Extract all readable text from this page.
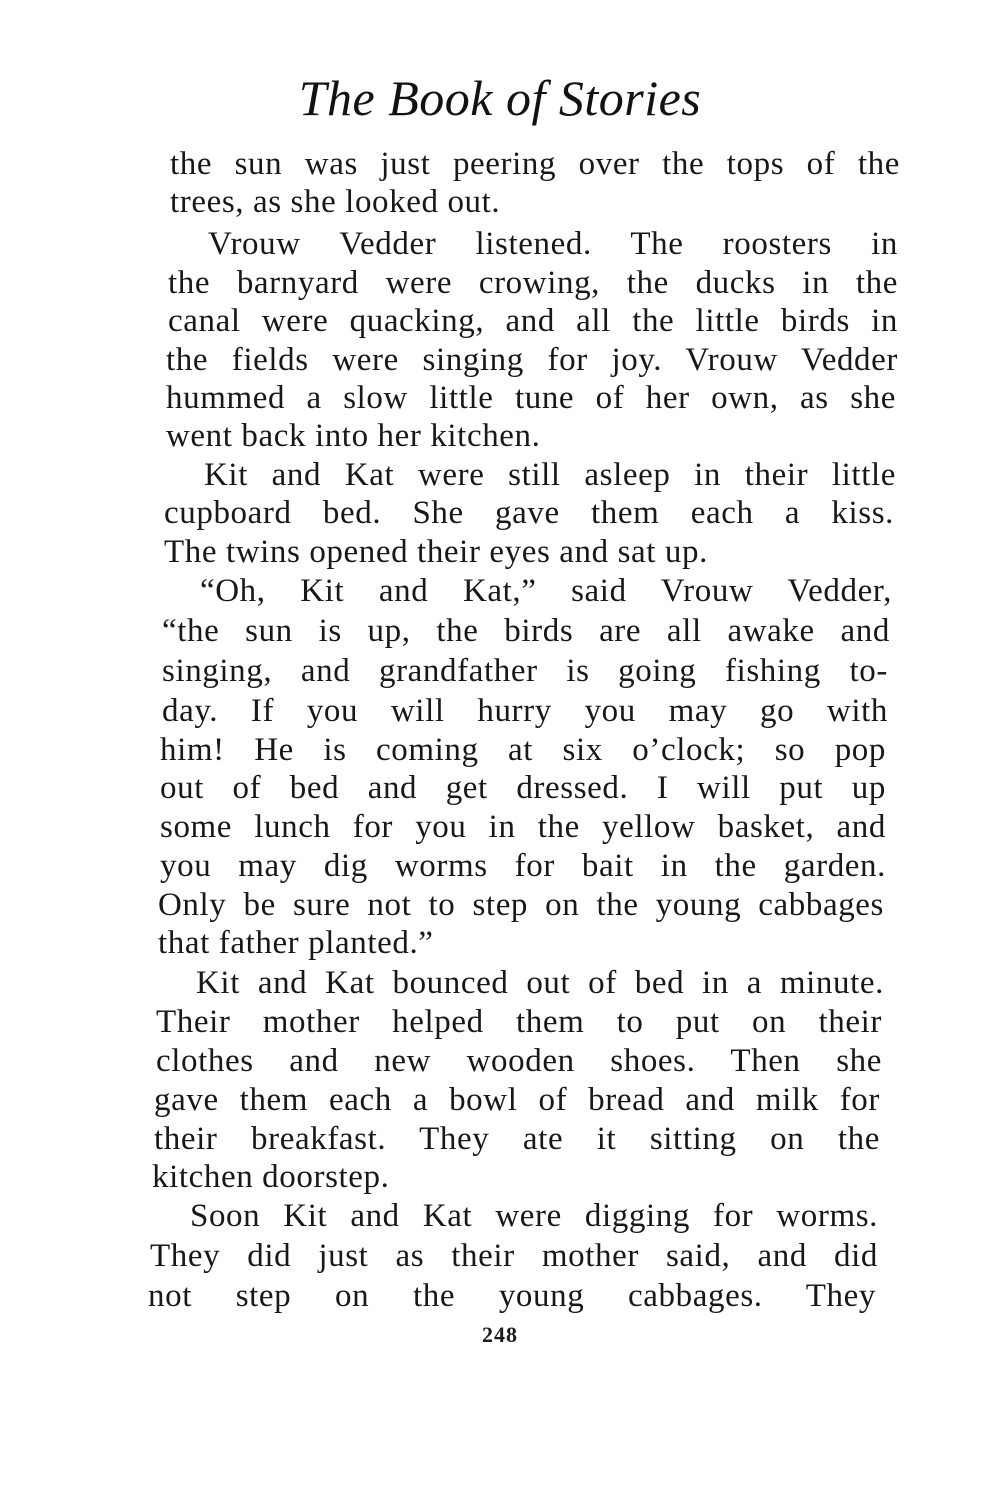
The Book of Stories
the sun was just peering over the tops of the
trees, as she looked out.
Vrouw Vedder listened. The roosters in
the barnyard were crowing, the ducks in the
canal were quacking, and all the little birds in
the fields were singing for joy. Vrouw Vedder
hummed a slow little tune of her own, as she
went back into her kitchen.
Kit and Kat were still asleep in their little
cupboard bed. She gave them each a kiss.
The twins opened their eyes and sat up.
“Oh, Kit and Kat,” said Vrouw Vedder,
“the sun is up, the birds are all awake and
singing, and grandfather is going fishing to-
day. If you will hurry you may go with
him! He is coming at six o’clock; so pop
out of bed and get dressed. I will put up
some lunch for you in the yellow basket, and
you may dig worms for bait in the garden.
Only be sure not to step on the young cabbages
that father planted.”
Kit and Kat bounced out of bed in a minute.
Their mother helped them to put on their
clothes and new wooden shoes. Then she
gave them each a bowl of bread and milk for
their breakfast. They ate it sitting on the
kitchen doorstep.
Soon Kit and Kat were digging for worms.
They did just as their mother said, and did
not step on the young cabbages. They
248
